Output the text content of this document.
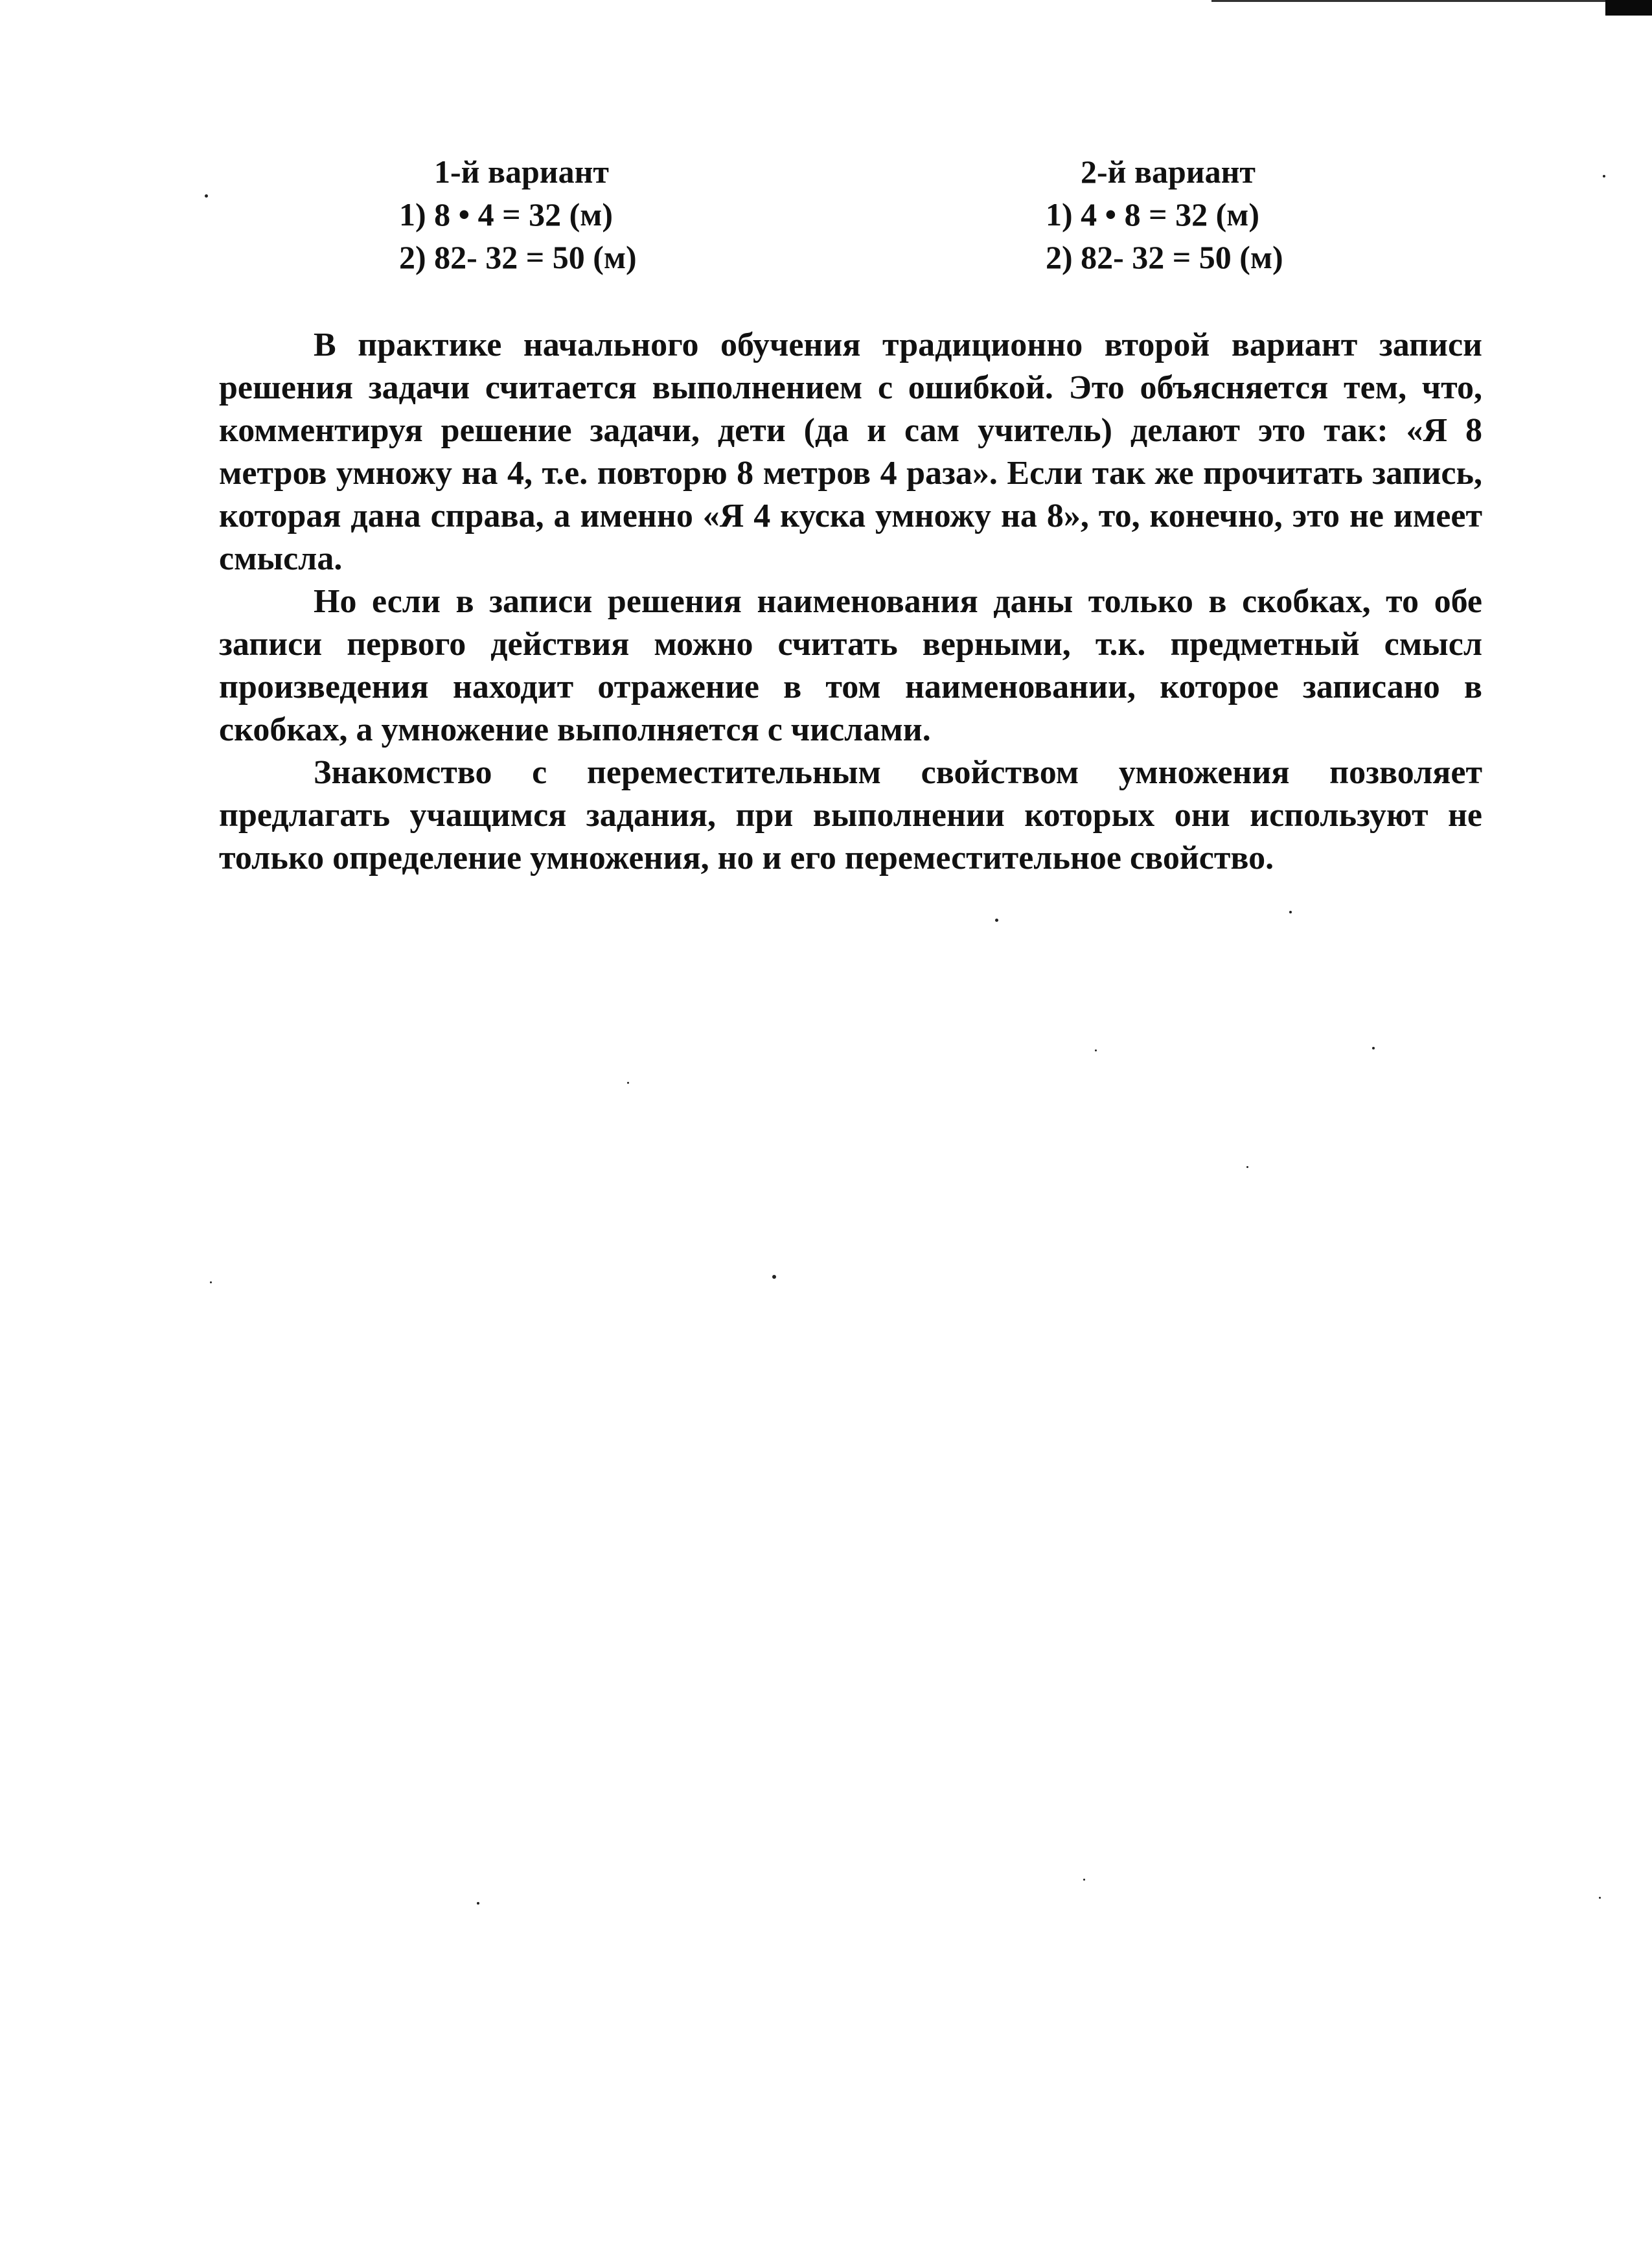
1-й вариант
1) 8 • 4 = 32 (м)
2) 82- 32 = 50 (м)
2-й вариант
1) 4 • 8 = 32 (м)
2) 82- 32 = 50 (м)

В практике начального обучения традиционно второй вариант записи решения задачи считается выполнением с ошибкой. Это объясняется тем, что, комментируя решение задачи, дети (да и сам учитель) делают это так: «Я 8 метров умножу на 4, т.е. повторю 8 метров 4 раза». Если так же прочитать запись, которая дана справа, а именно «Я 4 куска умножу на 8», то, конечно, это не имеет смысла.

Но если в записи решения наименования даны только в скобках, то обе записи первого действия можно считать верными, т.к. предметный смысл произведения находит отражение в том наименовании, которое записано в скобках, а умножение выполняется с числами.

Знакомство с переместительным свойством умножения позволяет предлагать учащимся задания, при выполнении которых они используют не только определение умножения, но и его переместительное свойство.
